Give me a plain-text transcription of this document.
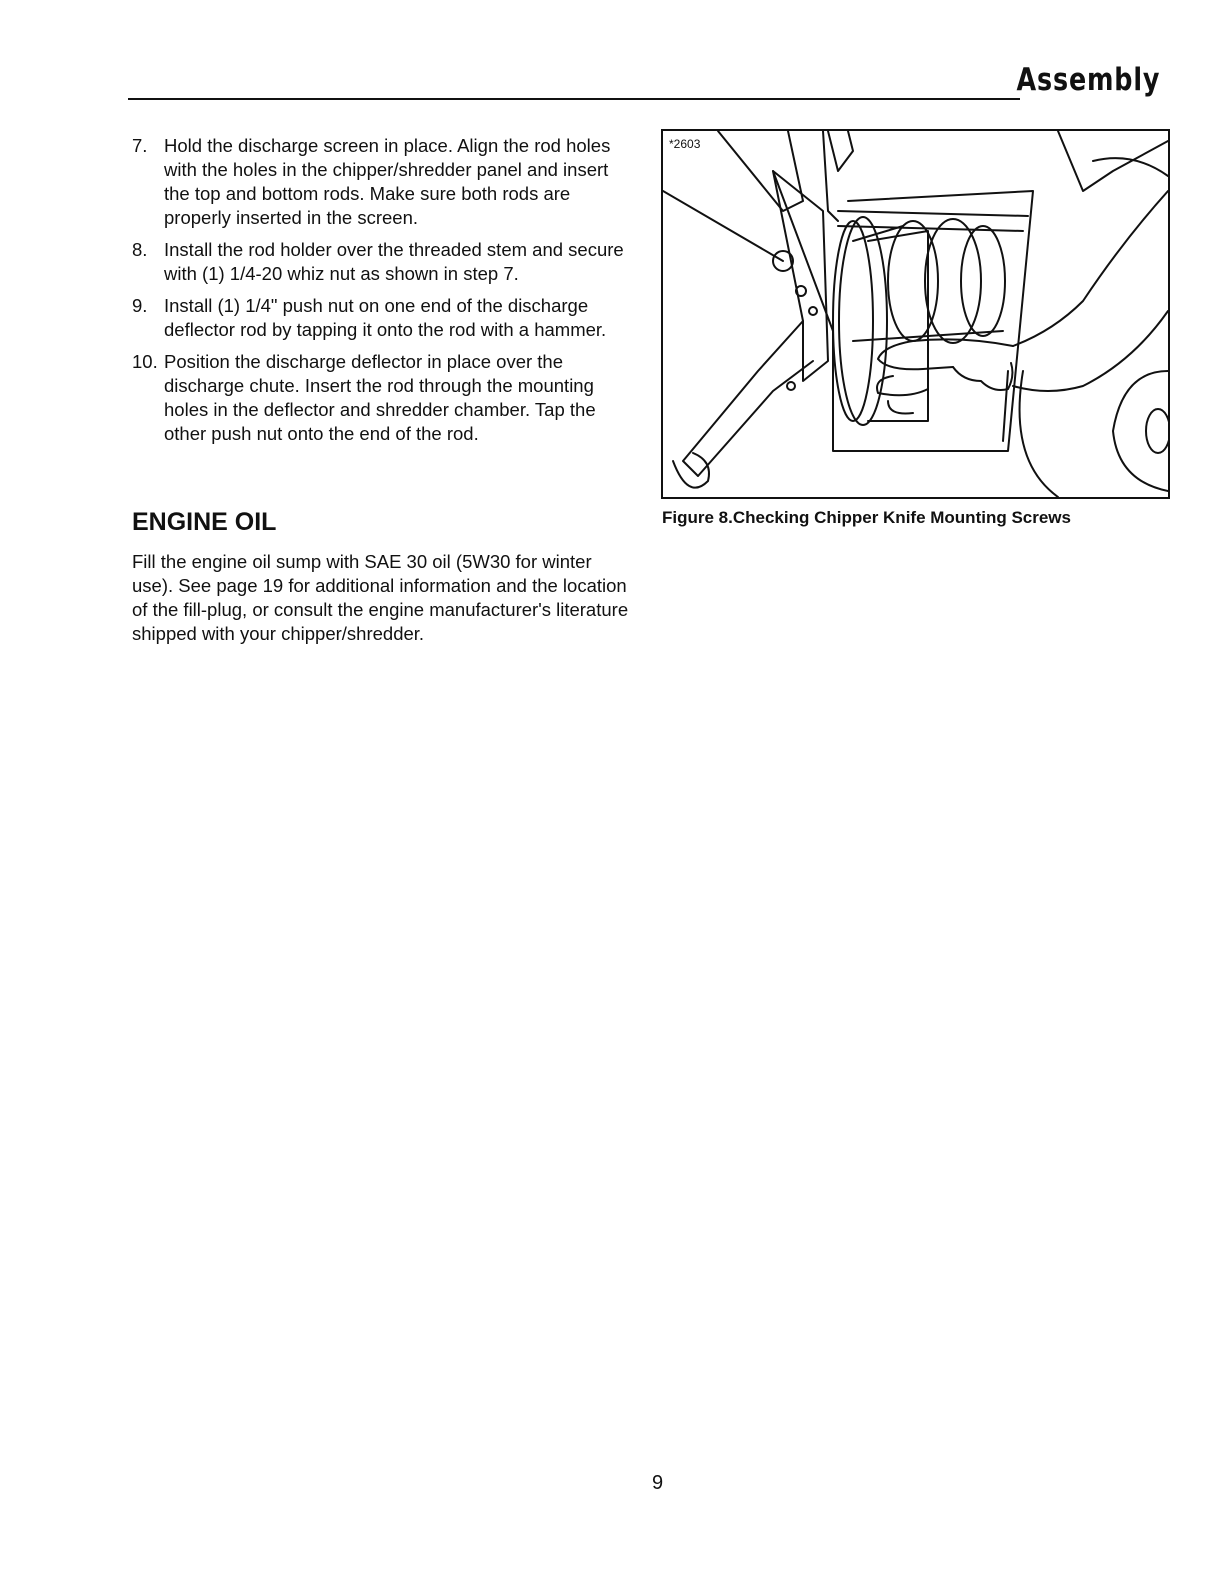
Assembly
7. Hold the discharge screen in place. Align the rod holes with the holes in the chipper/shredder panel and insert the top and bottom rods. Make sure both rods are properly inserted in the screen.
8. Install the rod holder over the threaded stem and secure with (1) 1/4-20 whiz nut as shown in step 7.
9. Install (1) 1/4" push nut on one end of the discharge deflector rod by tapping it onto the rod with a hammer.
10. Position the discharge deflector in place over the discharge chute. Insert the rod through the mounting holes in the deflector and shredder chamber. Tap the other push nut onto the end of the rod.
ENGINE OIL

Fill the engine oil sump with SAE 30 oil (5W30 for winter use). See page 19 for additional information and the location of the fill-plug, or consult the engine manufacturer's literature shipped with your chipper/shredder.

*2603

Figure 8.Checking Chipper Knife Mounting Screws

9
